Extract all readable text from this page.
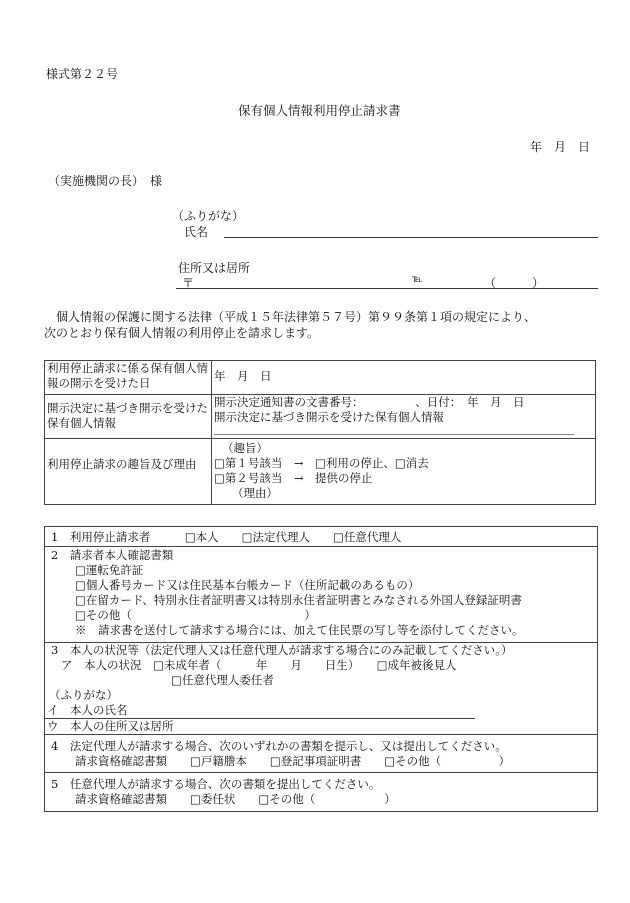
様式第２２号
保有個人情報利用停止請求書
年　月　日
（実施機関の長）　様
（ふりがな）
氏名
住所又は居所
〒	℡	（　　　）
個人情報の保護に関する法律（平成１５年法律第５７号）第９９条第１項の規定により、
次のとおり保有個人情報の利用停止を請求します。
利用停止請求に係る保有個人情報の開示を受けた日	年　月　日
開示決定に基づき開示を受けた保有個人情報	開示決定通知書の文書番号：　　　　　、日付：　年　月　日
開示決定に基づき開示を受けた保有個人情報

利用停止請求の趣旨及び理由	（趣旨）
□第１号該当　→　□利用の停止、□消去
□第２号該当　→　提供の停止
（理由）
1　利用停止請求者　　　□本人　　□法定代理人　　□任意代理人
2　請求者本人確認書類
□運転免許証
□個人番号カード又は住民基本台帳カード（住所記載のあるもの）
□在留カード、特別永住者証明書又は特別永住者証明書とみなされる外国人登録証明書
□その他（　　　　　　　　　　　　　　　）
※　請求書を送付して請求する場合には、加えて住民票の写し等を添付してください。
3　本人の状況等（法定代理人又は任意代理人が請求する場合にのみ記載してください。）
ア　本人の状況　□未成年者（　　　年　　月　　日生）　　□成年被後見人
□任意代理人委任者
（ふりがな）
イ　本人の氏名
ウ　本人の住所又は居所
4　法定代理人が請求する場合、次のいずれかの書類を提示し、又は提出してください。
請求資格確認書類　　□戸籍謄本　　□登記事項証明書　　□その他（　　　　　）
5　任意代理人が請求する場合、次の書類を提出してください。
請求資格確認書類　　□委任状　　□その他（　　　　　　）
